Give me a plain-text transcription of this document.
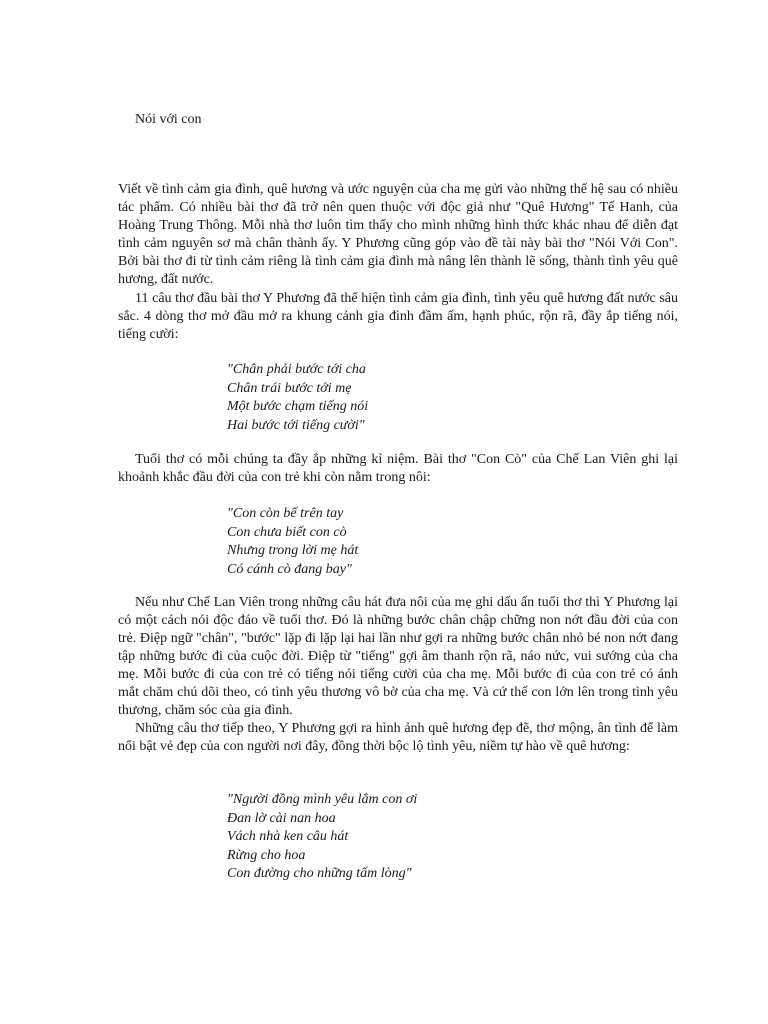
Nói với con

Viết về tình cảm gia đình, quê hương và ước nguyện của cha mẹ gửi vào những thế hệ sau có nhiều tác phẩm. Có nhiều bài thơ đã trở nên quen thuộc với độc giả như "Quê Hương" Tế Hanh, của Hoàng Trung Thông. Mỗi nhà thơ luôn tìm thấy cho mình những hình thức khác nhau để diễn đạt tình cảm nguyên sơ mà chân thành ấy. Y Phương cũng góp vào đề tài này bài thơ "Nói Với Con". Bởi bài thơ đi từ tình cảm riêng là tình cảm gia đình mà nâng lên thành lẽ sống, thành tình yêu quê hương, đất nước.

11 câu thơ đầu bài thơ Y Phương đã thể hiện tình cảm gia đình, tình yêu quê hương đất nước sâu sắc. 4 dòng thơ mở đầu mở ra khung cảnh gia đình đầm ấm, hạnh phúc, rộn rã, đầy ắp tiếng nói, tiếng cười:

"Chân phải bước tới cha
Chân trái bước tới mẹ
Một bước chạm tiếng nói
Hai bước tới tiếng cười"

Tuổi thơ có mỗi chúng ta đầy ắp những kỉ niệm. Bài thơ "Con Cò" của Chế Lan Viên ghi lại khoảnh khắc đầu đời của con trẻ khi còn nằm trong nôi:

"Con còn bế trên tay
Con chưa biết con cò
Nhưng trong lời mẹ hát
Có cánh cò đang bay"

Nếu như Chế Lan Viên trong những câu hát đưa nôi của mẹ ghi dấu ấn tuổi thơ thì Y Phương lại có một cách nói độc đáo về tuổi thơ. Đó là những bước chân chập chững non nớt đầu đời của con trẻ. Điệp ngữ "chân", "bước" lặp đi lặp lại hai lần như gợi ra những bước chân nhỏ bé non nớt đang tập những bước đi của cuộc đời. Điệp từ "tiếng" gợi âm thanh rộn rã, náo nức, vui sướng của cha mẹ. Mỗi bước đi của con trẻ có tiếng nói tiếng cười của cha mẹ. Mỗi bước đi của con trẻ có ánh mắt chăm chú dõi theo, có tình yêu thương vô bờ của cha mẹ. Và cứ thế con lớn lên trong tình yêu thương, chăm sóc của gia đình.

Những câu thơ tiếp theo, Y Phương gợi ra hình ảnh quê hương đẹp đẽ, thơ mộng, ân tình để làm nổi bật vẻ đẹp của con người nơi đây, đồng thời bộc lộ tình yêu, niềm tự hào về quê hương:

"Người đồng mình yêu lắm con ơi
Đan lờ cài nan hoa
Vách nhà ken câu hát
Rừng cho hoa
Con đường cho những tấm lòng"
